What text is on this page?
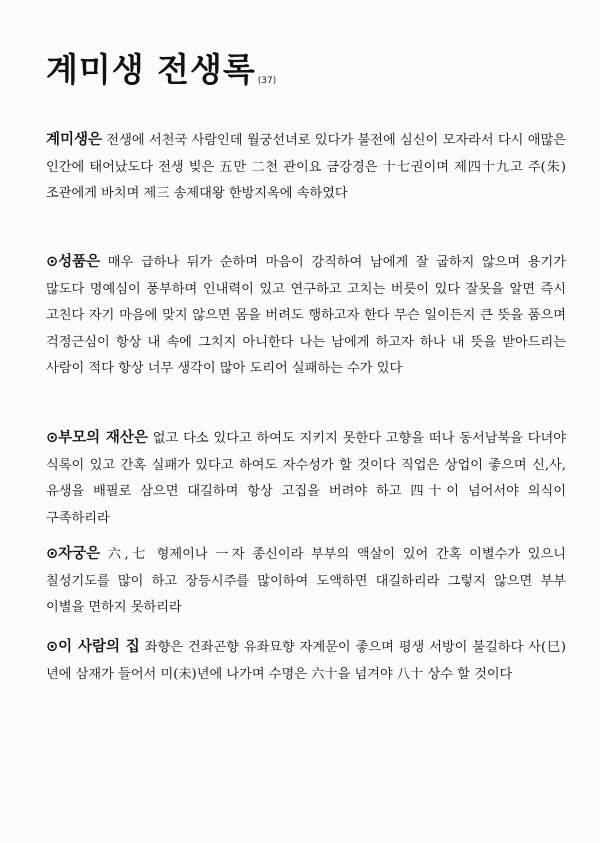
계미생 전생록 (37)

계미생은 전생에 서천국 사람인데 월궁선녀로 있다가 불전에 심신이 모자라서 다시 애많은 인간에 태어났도다 전생 빚은 五만 二천 관이요 금강경은 十七권이며 제四十九고 주(朱)조관에게 바치며 제三 송제대왕 한방지옥에 속하였다

⊙성품은 매우 급하나 뒤가 순하며 마음이 강직하여 남에게 잘 굽하지 않으며 용기가 많도다 명예심이 풍부하며 인내력이 있고 연구하고 고치는 버릇이 있다 잘못을 알면 즉시 고친다 자기 마음에 맞지 않으면 몸을 버려도 행하고자 한다 무슨 일이든지 큰 뜻을 품으며 걱정근심이 항상 내 속에 그치지 아니한다 나는 남에게 하고자 하나 내 뜻을 받아드리는 사람이 적다 항상 너무 생각이 많아 도리어 실패하는 수가 있다

⊙부모의 재산은 없고 다소 있다고 하여도 지키지 못한다 고향을 떠나 동서남북을 다녀야 식록이 있고 간혹 실패가 있다고 하여도 자수성가 할 것이다 직업은 상업이 좋으며 신,사,유생을 배필로 삼으면 대길하며 항상 고집을 버려야 하고 四十이 넘어서야 의식이 구족하리라

⊙자궁은 六,七 형제이나 一자 종신이라 부부의 액살이 있어 간혹 이별수가 있으니 칠성기도를 많이 하고 장등시주를 많이하여 도액하면 대길하리라 그렇지 않으면 부부 이별을 면하지 못하리라

⊙이 사람의 집 좌향은 건좌곤향 유좌묘향 자계문이 좋으며 평생 서방이 불길하다 사(巳)년에 삼재가 들어서 미(未)년에 나가며 수명은 六十을 넘겨야 八十 상수 할 것이다
